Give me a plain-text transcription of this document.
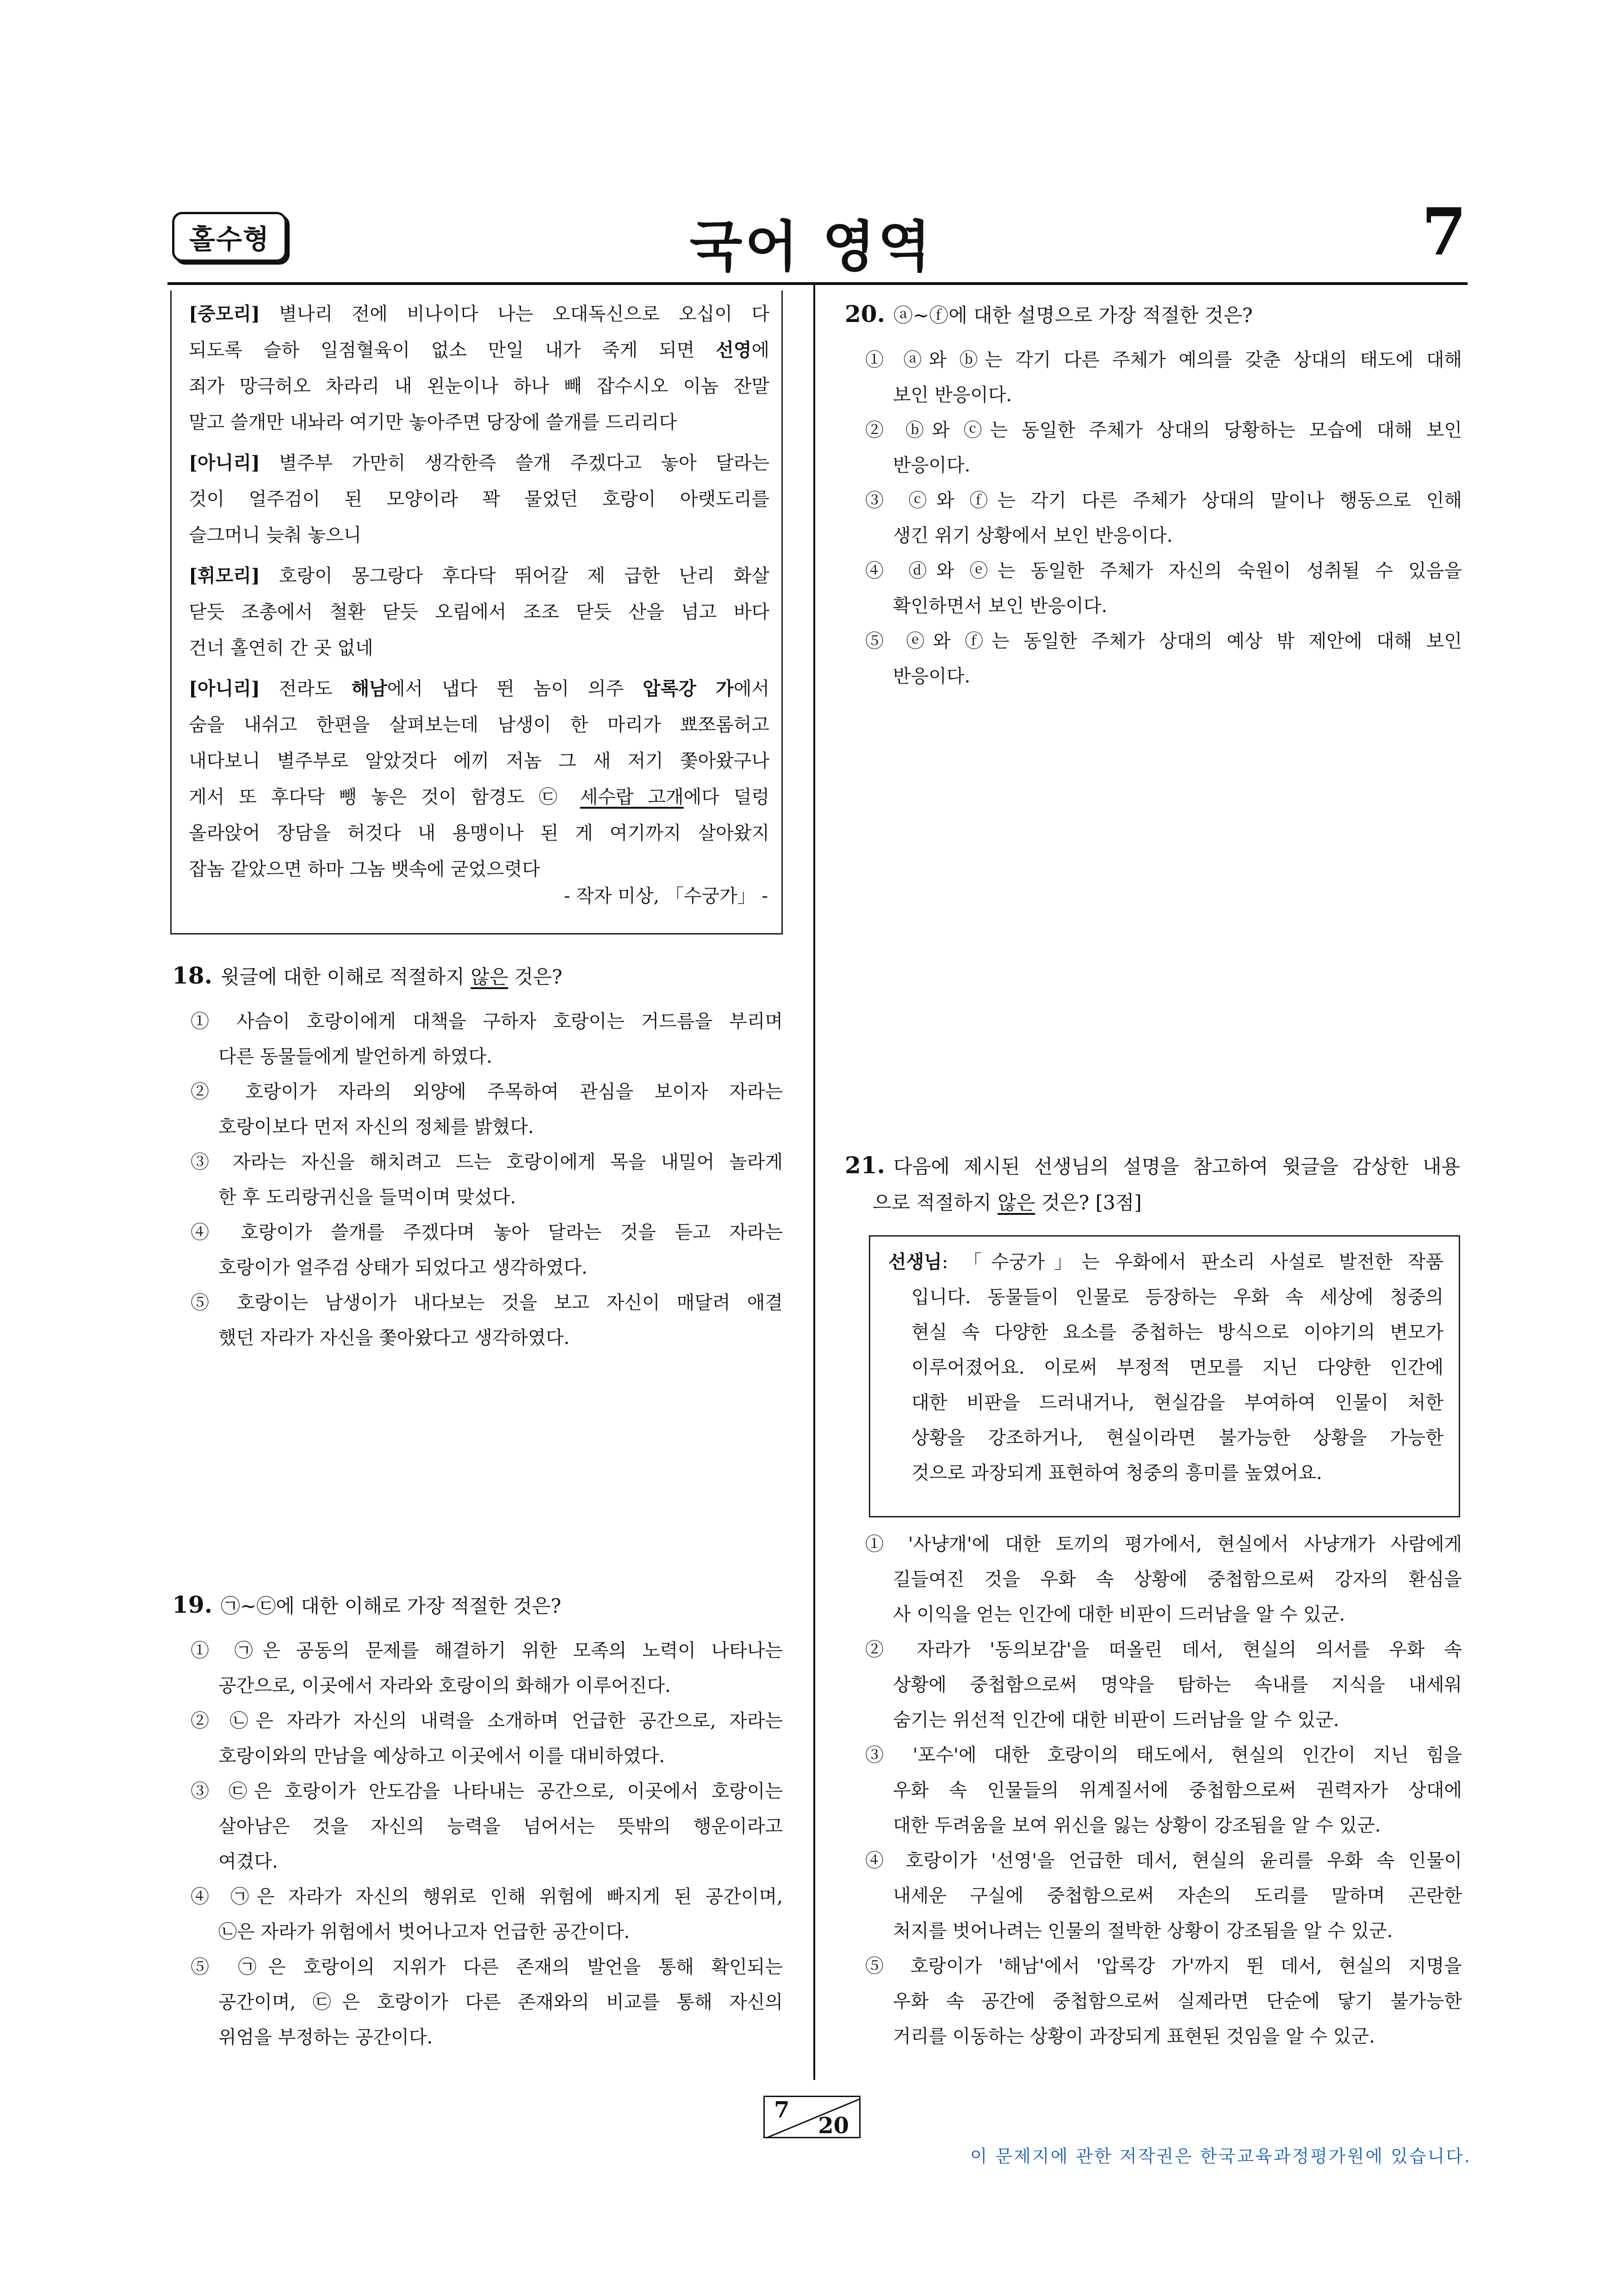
홀수형	국어 영역	7
[중모리] 별나리 전에 비나이다 나는 오대독신으로 오십이 다
되도록 슬하 일점혈육이 없소 만일 내가 죽게 되면 선영에
죄가 망극허오 차라리 내 왼눈이나 하나 빼 잡수시오 이놈 잔말
말고 쓸개만 내놔라 여기만 놓아주면 당장에 쓸개를 드리리다
[아니리] 별주부 가만히 생각한즉 쓸개 주겠다고 놓아 달라는
것이 얼주검이 된 모양이라 꽉 물었던 호랑이 아랫도리를
슬그머니 늦춰 놓으니
[휘모리] 호랑이 몽그랑다 후다닥 뛰어갈 제 급한 난리 화살
닫듯 조총에서 철환 닫듯 오림에서 조조 닫듯 산을 넘고 바다
건너 홀연히 간 곳 없네
[아니리] 전라도 해남에서 냅다 뛴 놈이 의주 압록강 가에서
숨을 내쉬고 한편을 살펴보는데 남생이 한 마리가 뾰쪼롬허고
내다보니 별주부로 알았것다 에끼 저놈 그 새 저기 쫓아왔구나
게서 또 후다닥 뺑 놓은 것이 함경도 ㉢ 세수랍 고개에다 덜렁
올라앉어 장담을 허것다 내 용맹이나 된 게 여기까지 살아왔지
잡놈 같았으면 하마 그놈 뱃속에 굳었으렷다
- 작자 미상, 「수궁가」 -
18. 윗글에 대한 이해로 적절하지 않은 것은?
① 사슴이 호랑이에게 대책을 구하자 호랑이는 거드름을 부리며
다른 동물들에게 발언하게 하였다.
② 호랑이가 자라의 외양에 주목하여 관심을 보이자 자라는
호랑이보다 먼저 자신의 정체를 밝혔다.
③ 자라는 자신을 해치려고 드는 호랑이에게 목을 내밀어 놀라게
한 후 도리랑귀신을 들먹이며 맞섰다.
④ 호랑이가 쓸개를 주겠다며 놓아 달라는 것을 듣고 자라는
호랑이가 얼주검 상태가 되었다고 생각하였다.
⑤ 호랑이는 남생이가 내다보는 것을 보고 자신이 매달려 애결
했던 자라가 자신을 쫓아왔다고 생각하였다.
19. ㉠~㉢에 대한 이해로 가장 적절한 것은?
① ㉠은 공동의 문제를 해결하기 위한 모족의 노력이 나타나는
공간으로, 이곳에서 자라와 호랑이의 화해가 이루어진다.
② ㉡은 자라가 자신의 내력을 소개하며 언급한 공간으로, 자라는
호랑이와의 만남을 예상하고 이곳에서 이를 대비하였다.
③ ㉢은 호랑이가 안도감을 나타내는 공간으로, 이곳에서 호랑이는
살아남은 것을 자신의 능력을 넘어서는 뜻밖의 행운이라고
여겼다.
④ ㉠은 자라가 자신의 행위로 인해 위험에 빠지게 된 공간이며,
㉡은 자라가 위험에서 벗어나고자 언급한 공간이다.
⑤ ㉠은 호랑이의 지위가 다른 존재의 발언을 통해 확인되는
공간이며, ㉢은 호랑이가 다른 존재와의 비교를 통해 자신의
위엄을 부정하는 공간이다.
20. ⓐ~ⓕ에 대한 설명으로 가장 적절한 것은?
① ⓐ와 ⓑ는 각기 다른 주체가 예의를 갖춘 상대의 태도에 대해
보인 반응이다.
② ⓑ와 ⓒ는 동일한 주체가 상대의 당황하는 모습에 대해 보인
반응이다.
③ ⓒ와 ⓕ는 각기 다른 주체가 상대의 말이나 행동으로 인해
생긴 위기 상황에서 보인 반응이다.
④ ⓓ와 ⓔ는 동일한 주체가 자신의 숙원이 성취될 수 있음을
확인하면서 보인 반응이다.
⑤ ⓔ와 ⓕ는 동일한 주체가 상대의 예상 밖 제안에 대해 보인
반응이다.
21. 다음에 제시된 선생님의 설명을 참고하여 윗글을 감상한 내용
으로 적절하지 않은 것은? [3점]
선생님: 「수궁가」는 우화에서 판소리 사설로 발전한 작품
입니다. 동물들이 인물로 등장하는 우화 속 세상에 청중의
현실 속 다양한 요소를 중첩하는 방식으로 이야기의 변모가
이루어졌어요. 이로써 부정적 면모를 지닌 다양한 인간에
대한 비판을 드러내거나, 현실감을 부여하여 인물이 처한
상황을 강조하거나, 현실이라면 불가능한 상황을 가능한
것으로 과장되게 표현하여 청중의 흥미를 높였어요.
① '사냥개'에 대한 토끼의 평가에서, 현실에서 사냥개가 사람에게
길들여진 것을 우화 속 상황에 중첩함으로써 강자의 환심을
사 이익을 얻는 인간에 대한 비판이 드러남을 알 수 있군.
② 자라가 '동의보감'을 떠올린 데서, 현실의 의서를 우화 속
상황에 중첩함으로써 명약을 탐하는 속내를 지식을 내세워
숨기는 위선적 인간에 대한 비판이 드러남을 알 수 있군.
③ '포수'에 대한 호랑이의 태도에서, 현실의 인간이 지닌 힘을
우화 속 인물들의 위계질서에 중첩함으로써 권력자가 상대에
대한 두려움을 보여 위신을 잃는 상황이 강조됨을 알 수 있군.
④ 호랑이가 '선영'을 언급한 데서, 현실의 윤리를 우화 속 인물이
내세운 구실에 중첩함으로써 자손의 도리를 말하며 곤란한
처지를 벗어나려는 인물의 절박한 상황이 강조됨을 알 수 있군.
⑤ 호랑이가 '해남'에서 '압록강 가'까지 뛴 데서, 현실의 지명을
우화 속 공간에 중첩함으로써 실제라면 단순에 닿기 불가능한
거리를 이동하는 상황이 과장되게 표현된 것임을 알 수 있군.
7
20
이 문제지에 관한 저작권은 한국교육과정평가원에 있습니다.
